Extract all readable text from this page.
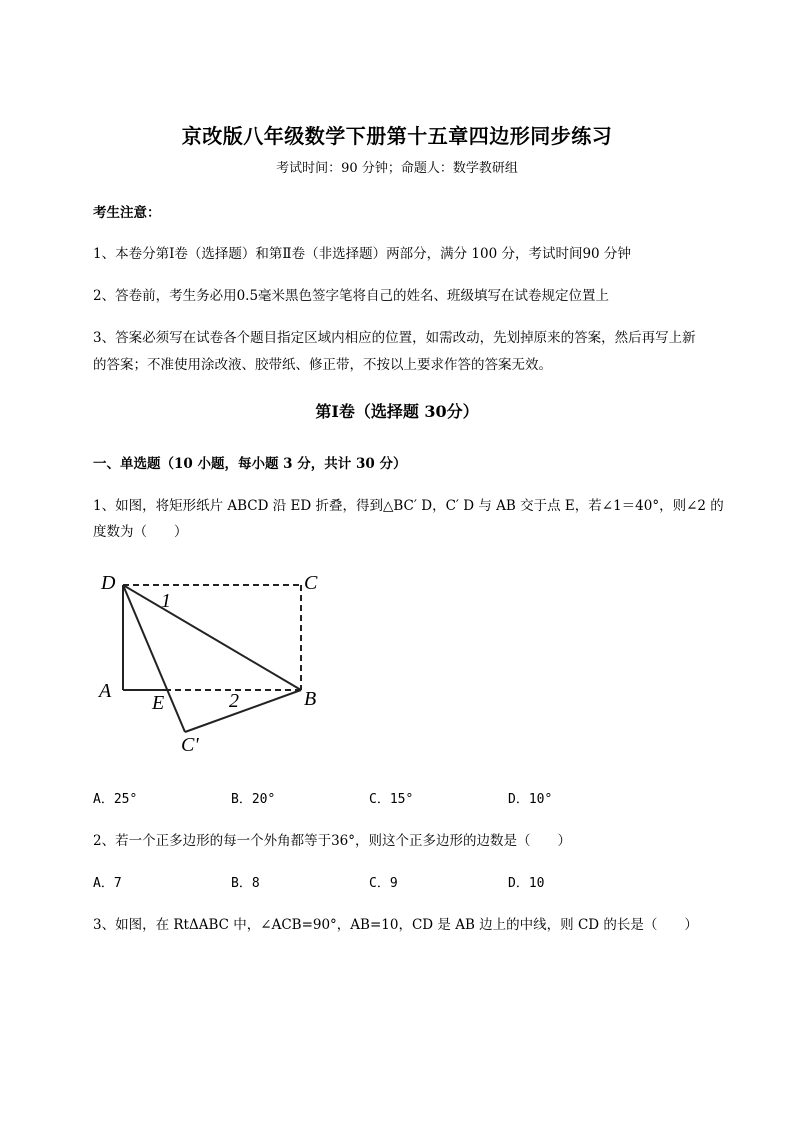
京改版八年级数学下册第十五章四边形同步练习
考试时间：90 分钟；命题人：数学教研组
考生注意：
1、本卷分第Ⅰ卷（选择题）和第Ⅱ卷（非选择题）两部分，满分 100 分，考试时间90 分钟
2、答卷前，考生务必用0.5毫米黑色签字笔将自己的姓名、班级填写在试卷规定位置上
3、答案必须写在试卷各个题目指定区域内相应的位置，如需改动，先划掉原来的答案，然后再写上新
的答案；不准使用涂改液、胶带纸、修正带，不按以上要求作答的答案无效。
第Ⅰ卷（选择题 30分）
一、单选题（10 小题，每小题 3 分，共计 30 分）
1、如图，将矩形纸片 ABCD 沿 ED 折叠，得到△BC′ D，C′ D 与 AB 交于点 E，若∠1＝40°，则∠2 的
度数为（　　）
D	C
A
E	B
C'
1
2
A．25°	B．20°	C．15°	D．10°
2、若一个正多边形的每一个外角都等于36°，则这个正多边形的边数是（　　）
A．7	B．8	C．9	D．10
3、如图，在 RtΔABC 中，∠ACB=90°，AB=10，CD 是 AB 边上的中线，则 CD 的长是（　　）
